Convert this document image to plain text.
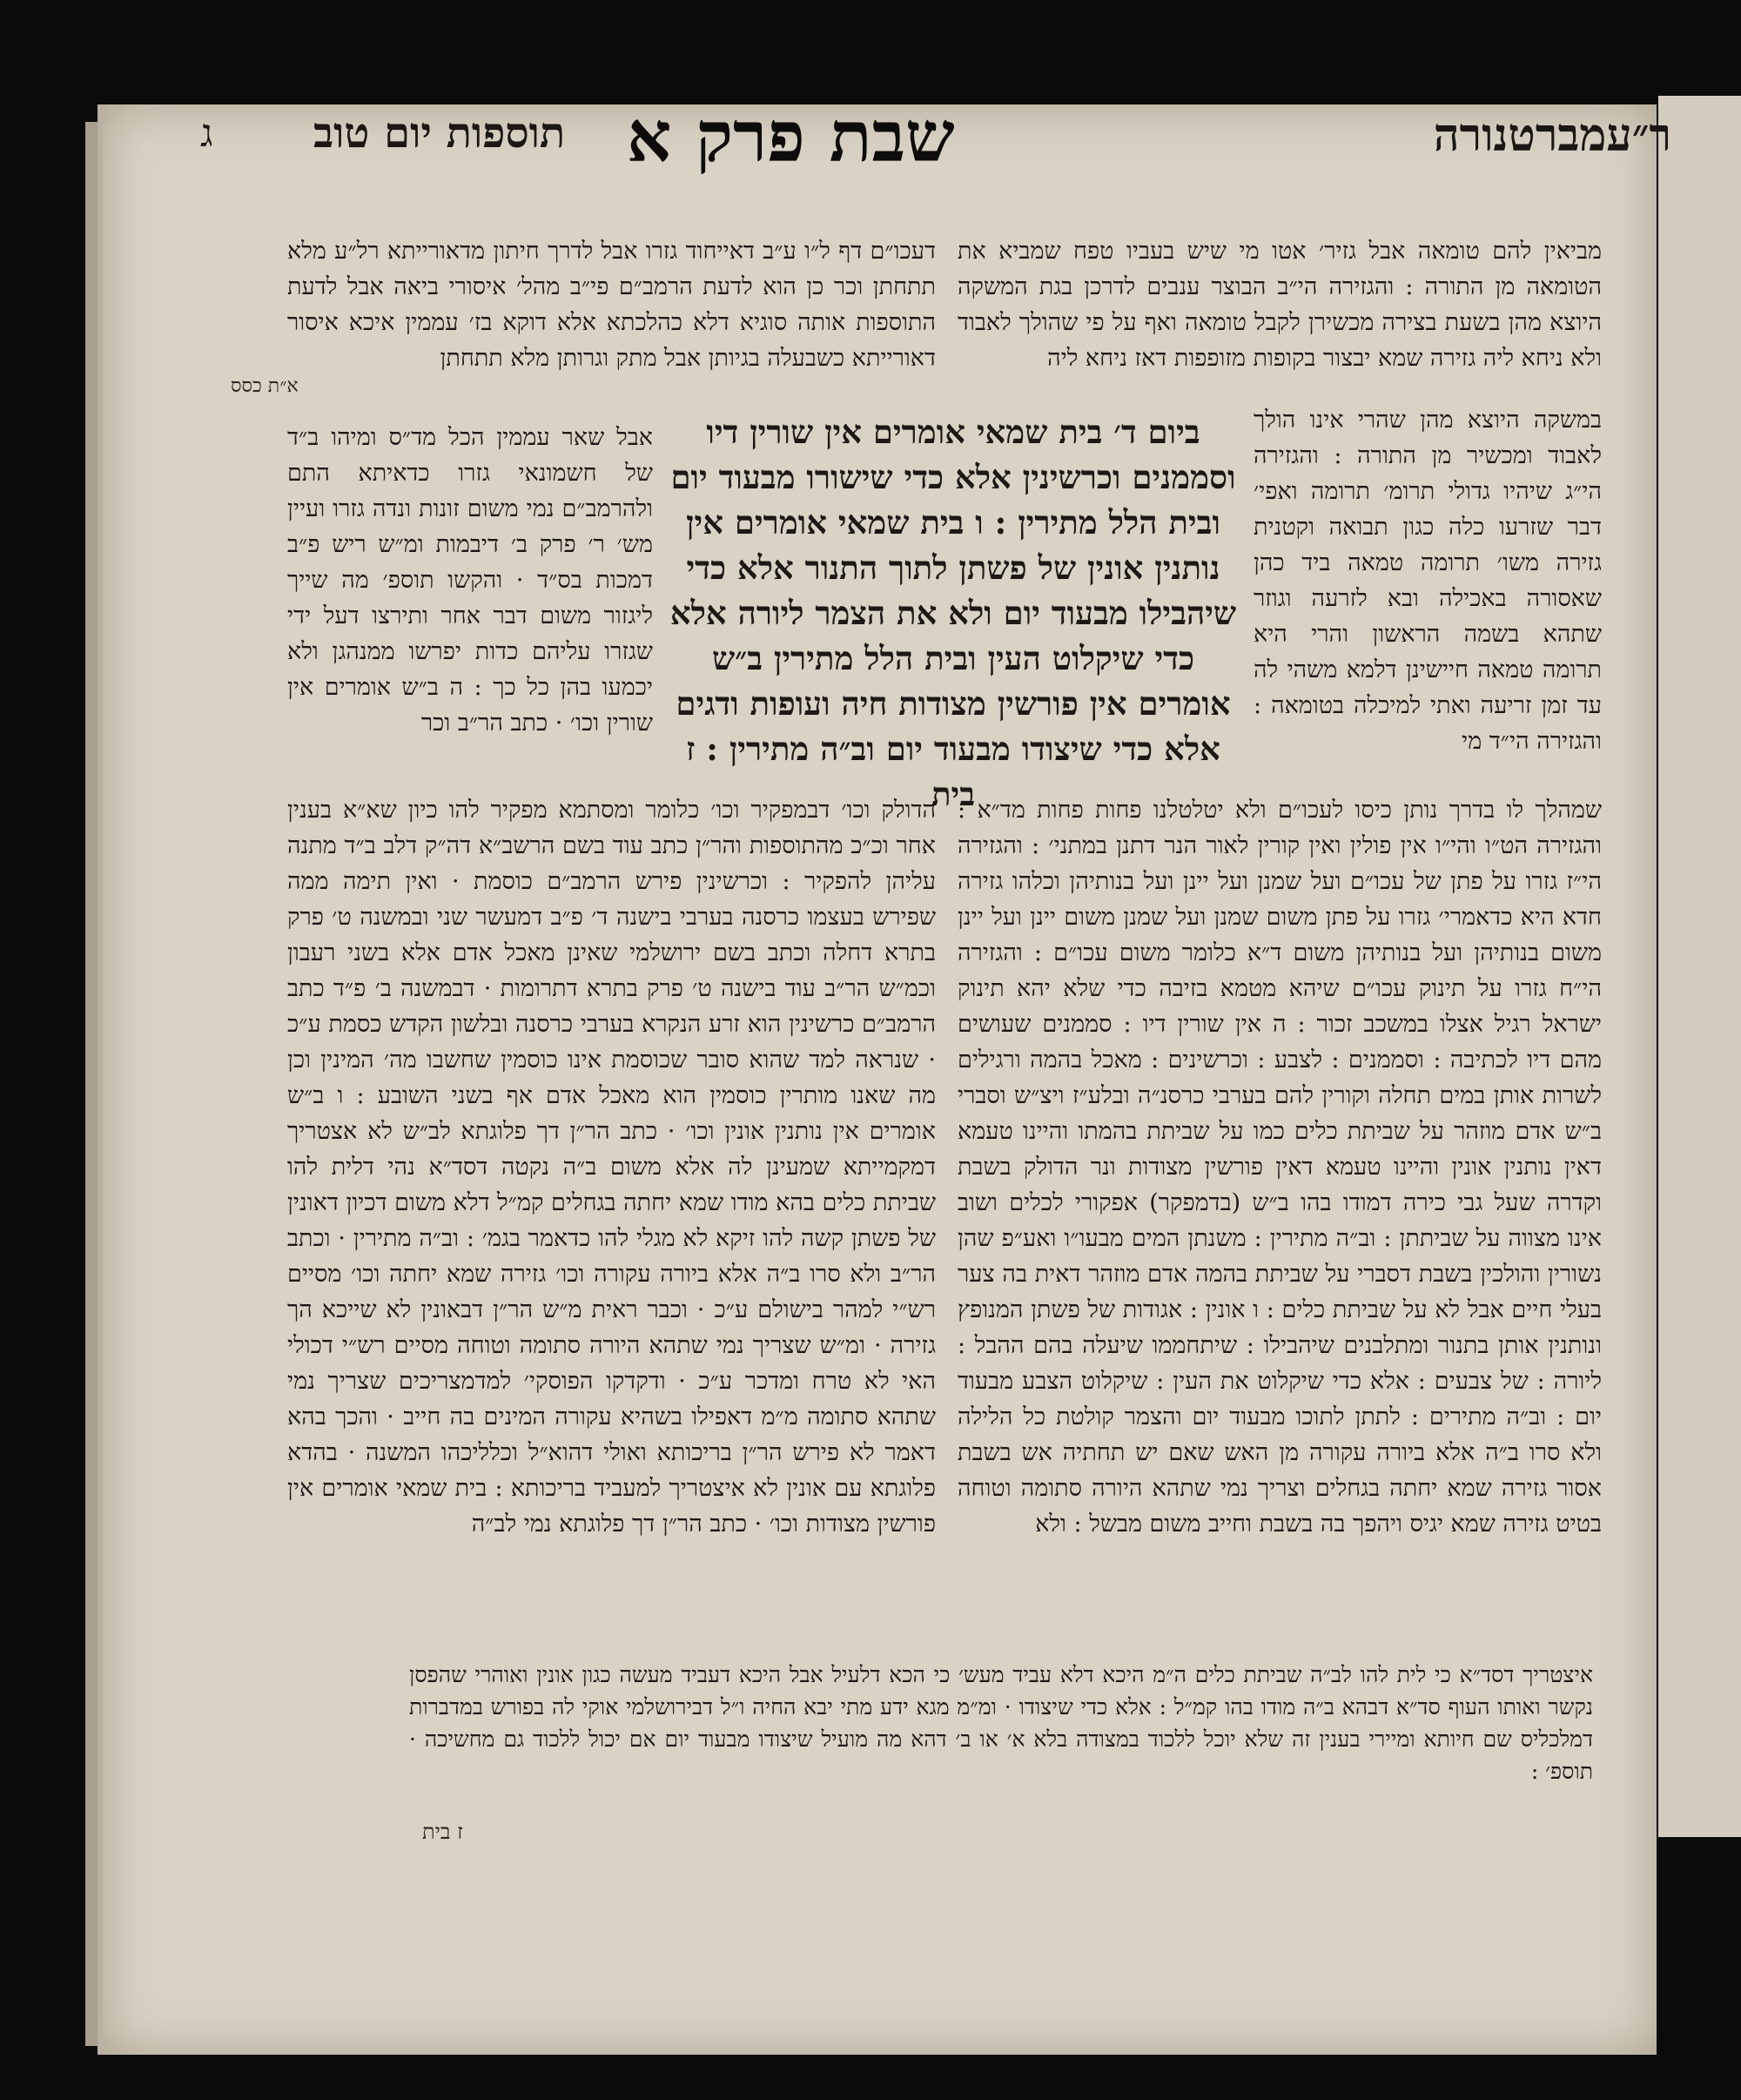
ר״עמברטנורה
שבת פרק א
תוספות יום טוב
ג
מביאין להם טומאה אבל גזיר׳ אטו מי שיש בעביו טפח שמביא את הטומאה מן התורה : והגזירה הי״ב הבוצר ענבים לדרכן בגת המשקה היוצא מהן בשעת בצירה מכשירן לקבל טומאה ואף על פי שהולך לאבוד ולא ניחא ליה גזירה שמא יבצור בקופות מזופפות דאז ניחא ליה
במשקה היוצא מהן שהרי אינו הולך לאבוד ומכשיר מן התורה : והגזירה הי״ג שיהיו גדולי תרומ׳ תרומה ואפי׳ דבר שזרעו כלה כגון תבואה וקטנית גזירה משו׳ תרומה טמאה ביד כהן שאסורה באכילה ובא לזרעה וגוזר שתהא בשמה הראשון והרי היא תרומה טמאה חיישינן דלמא משהי לה עד זמן זריעה ואתי למיכלה בטומאה : והגזירה הי״ד מי
ביום ד׳ בית שמאי אומרים אין שורין דיו וסממנים וכרשינין אלא כדי שישורו מבעוד יום ובית הלל מתירין : ו בית שמאי אומרים אין נותנין אונין של פשתן לתוך התנור אלא כדי שיהבילו מבעוד יום ולא את הצמר ליורה אלא כדי שיקלוט העין ובית הלל מתירין ב״ש אומרים אין פורשין מצודות חיה ועופות ודגים אלא כדי שיצודו מבעוד יום וב״ה מתירין : ז בית
דעכו״ם דף ל״ו ע״ב דאייחוד גזרו אבל לדרך חיתון מדאורייתא רל״ע מלא תתחתן וכר כן הוא לדעת הרמב״ם פי״ב מהל׳ איסורי ביאה אבל לדעת התוספות אותה סוגיא דלא כהלכתא אלא דוקא בז׳ עממין איכא איסור דאורייתא כשבעלה בגיותן אבל מתק וגרותן מלא תתחתן
אבל שאר עממין הכל מד״ס ומיהו ב״ד של חשמונאי גזרו כדאיתא התם ולהרמב״ם נמי משום זונות ונדה גזרו ועיין מש׳ ר׳ פרק ב׳ דיבמות ומ״ש ריש פ״ב דמכות בס״ד · והקשו תוספ׳ מה שייך ליגזור משום דבר אחר ותירצו דעל ידי שגזרו עליהם כדות יפרשו ממנהגן ולא יכמעו בהן כל כך : ה ב״ש אומרים אין שורין וכו׳ · כתב הר״ב וכר
שמהלך לו בדרך נותן כיסו לעכו״ם ולא יטלטלנו פחות פחות מד״א : והגזירה הט״ו והי״ו אין פולין ואין קורין לאור הנר דתנן במתני׳ : והגזירה הי״ז גזרו על פתן של עכו״ם ועל שמנן ועל יינן ועל בנותיהן וכלהו גזירה חדא היא כדאמרי׳ גזרו על פתן משום שמנן ועל שמנן משום יינן ועל יינן משום בנותיהן ועל בנותיהן משום ד״א כלומר משום עכו״ם : והגזירה הי״ח גזרו על תינוק עכו״ם שיהא מטמא בזיבה כדי שלא יהא תינוק ישראל רגיל אצלו במשכב זכור : ה אין שורין דיו : סממנים שעושים מהם דיו לכתיבה : וסממנים : לצבע : וכרשינים : מאכל בהמה ורגילים לשרות אותן במים תחלה וקורין להם בערבי כרסנ״ה ובלע״ז ויצ״ש וסברי ב״ש אדם מוזהר על שביתת כלים כמו על שביתת בהמתו והיינו טעמא דאין נותנין אונין והיינו טעמא דאין פורשין מצודות ונר הדולק בשבת וקדרה שעל גבי כירה דמודו בהו ב״ש (בדמפקר) אפקורי לכלים ושוב אינו מצווה על שביתתן : וב״ה מתירין : משנתן המים מבעו״ו ואע״פ שהן נשורין והולכין בשבת דסברי על שביתת בהמה אדם מוזהר דאית בה צער בעלי חיים אבל לא על שביתת כלים : ו אונין : אגודות של פשתן המנופץ ונותנין אותן בתנור ומתלבנים שיהבילו : שיתחממו שיעלה בהם ההבל : ליורה : של צבעים : אלא כדי שיקלוט את העין : שיקלוט הצבע מבעוד יום : וב״ה מתירים : לתתן לתוכו מבעוד יום והצמר קולטת כל הלילה ולא סרו ב״ה אלא ביורה עקורה מן האש שאם יש תחתיה אש בשבת אסור גזירה שמא יחתה בגחלים וצריך נמי שתהא היורה סתומה וטוחה בטיט גזירה שמא יגיס ויהפך בה בשבת וחייב משום מבשל : ולא
הדולק וכו׳ דבמפקיר וכו׳ כלומר ומסתמא מפקיר להו כיון שא״א בענין אחר וכ״כ מהתוספות והר״ן כתב עוד בשם הרשב״א דה״ק דלב ב״ד מתנה עליהן להפקיר : וכרשינין פירש הרמב״ם כוסמת · ואין תימה ממה שפירש בעצמו כרסנה בערבי בישנה ד׳ פ״ב דמעשר שני ובמשנה ט׳ פרק בתרא דחלה וכתב בשם ירושלמי שאינן מאכל אדם אלא בשני רעבון וכמ״ש הר״ב עוד בישנה ט׳ פרק בתרא דתרומות · דבמשנה ב׳ פ״ד כתב הרמב״ם כרשינין הוא זרע הנקרא בערבי כרסנה ובלשון הקדש כסמת ע״כ · שנראה למד שהוא סובר שכוסמת אינו כוסמין שחשבו מה׳ המינין וכן מה שאנו מותרין כוסמין הוא מאכל אדם אף בשני השובע : ו ב״ש אומרים אין נותנין אונין וכו׳ · כתב הר״ן דך פלוגתא לב״ש לא אצטריך דמקמייתא שמעינן לה אלא משום ב״ה נקטה דסד״א נהי דלית להו שביתת כלים בהא מודו שמא יחתה בגחלים קמ״ל דלא משום דכיון דאונין של פשתן קשה להו זיקא לא מגלי להו כדאמר בגמ׳ : וב״ה מתירין · וכתב הר״ב ולא סרו ב״ה אלא ביורה עקורה וכו׳ גזירה שמא יחתה וכו׳ מסיים רש״י למהר בישולם ע״כ · וכבר ראית מ״ש הר״ן דבאונין לא שייכא הך גזירה · ומ״ש שצריך נמי שתהא היורה סתומה וטוחה מסיים רש״י דכולי האי לא טרח ומדכר ע״כ · ודקדקו הפוסקי׳ למדמצריכים שצריך נמי שתהא סתומה מ״מ דאפילו בשהיא עקורה המינים בה חייב · והכך בהא דאמר לא פירש הר״ן בריכותא ואולי דהוא״ל וכלליכהו המשנה · בהדא פלוגתא עם אונין לא איצטריך למעביד בריכותא : בית שמאי אומרים אין פורשין מצודות וכו׳ · כתב הר״ן דך פלוגתא נמי לב״ה
איצטריך דסד״א כי לית להו לב״ה שביתת כלים ה״מ היכא דלא עביד מעש׳ כי הכא דלעיל אבל היכא דעביד מעשה כגון אונין ואוהרי שהפסן נקשר ואותו העוף סד״א דבהא ב״ה מודו בהו קמ״ל : אלא כדי שיצודו · ומ״מ מגא ידע מתי יבא החיה ו״ל דבירושלמי אוקי לה בפורש במדברות דמלכליס שם חיותא ומיירי בענין זה שלא יוכל ללכוד במצודה בלא א׳ או ב׳ דהא מה מועיל שיצודו מבעוד יום אם יכול ללכוד גם מחשיכה · תוספ׳ :
ז בית
א״ת כסס
